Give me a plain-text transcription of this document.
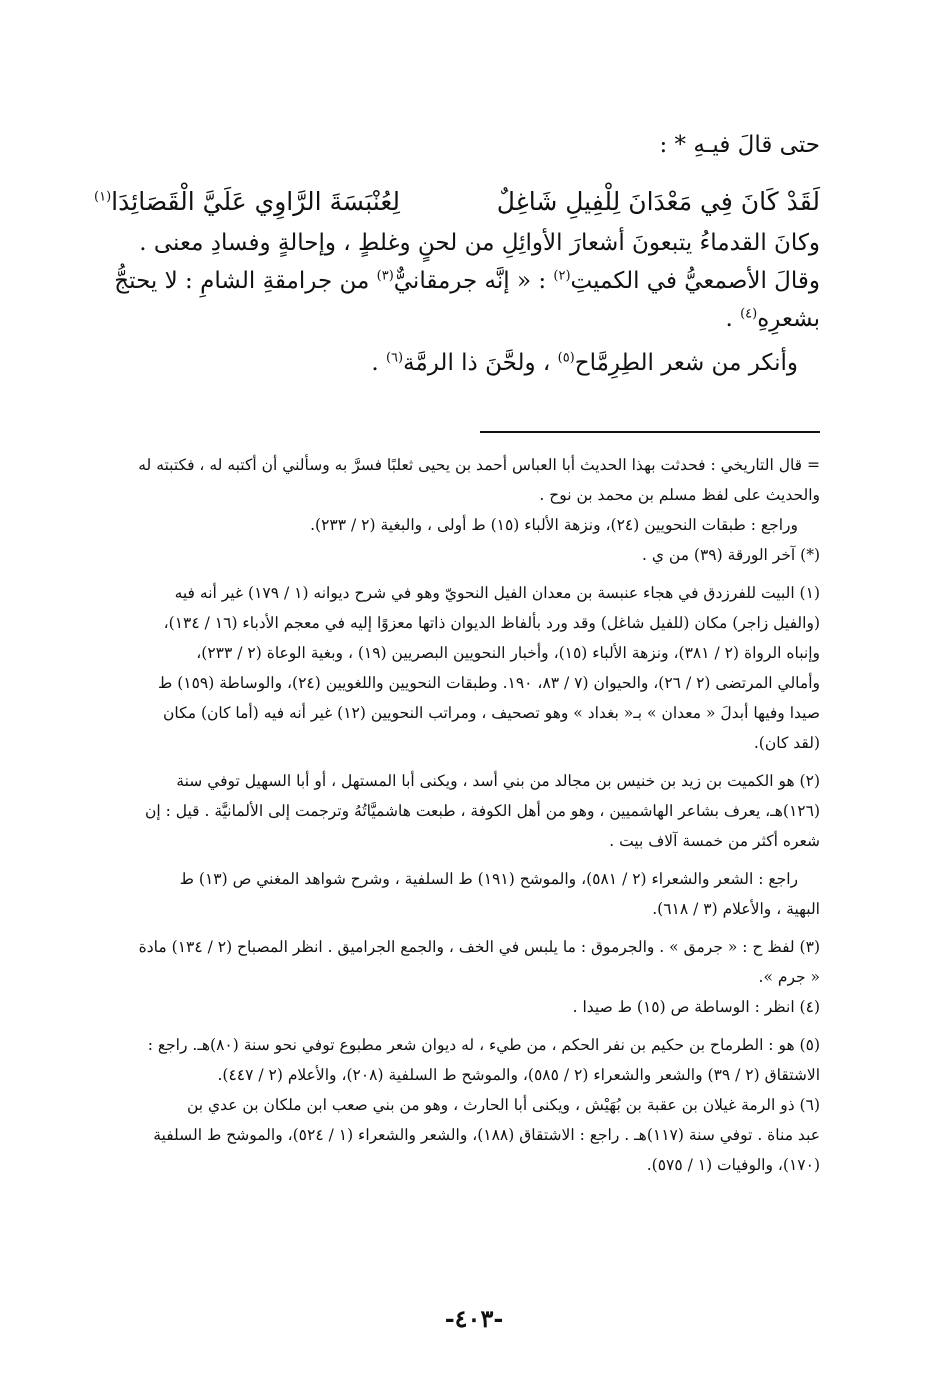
حتى قالَ فيـهِ * :

لَقَدْ كَانَ فِي مَعْدَانَ لِلْفِيلِ شَاغِلٌ
لِعُنْبَسَةَ الرَّاوِي عَلَيَّ الْقَصَائِدَا$^{(١)}$

وكانَ القدماءُ يتبعونَ أشعارَ الأوائِلِ من لحنٍ وغلطٍ ، وإحالةٍ وفسادِ معنى .

وقالَ الأصمعيُّ في الكميتِ$^{(٢)}$ : « إنَّه جرمقانيٌّ$^{(٣)}$ من جرامقةِ الشامِ : لا يحتجُّ

بشعرِهِ$^{(٤)}$ .

وأنكر من شعر الطِرِمَّاح$^{(٥)}$ ، ولحَّنَ ذا الرمَّة$^{(٦)}$ .

= قال التاريخي : فحدثت بهذا الحديث أبا العباس أحمد بن يحيى ثعلبًا فسرَّ به وسألني أن أكتبه له ، فكتبته له
والحديث على لفظ مسلم بن محمد بن نوح .
وراجع : طبقات النحويين (٢٤)، ونزهة الألباء (١٥) ط أولى ، والبغية (٢ / ٢٣٣).
(*) آخر الورقة (٣٩) من ي .
(١) البيت للفرزدق في هجاء عنبسة بن معدان الفيل النحويّ وهو في شرح ديوانه (١ / ١٧٩) غير أنه فيه
(والفيل زاجر) مكان (للفيل شاغل) وقد ورد بألفاظ الديوان ذاتها معزوًا إليه في معجم الأدباء (١٦ / ١٣٤)،
وإنباه الرواة (٢ / ٣٨١)، ونزهة الألباء (١٥)، وأخبار النحويين البصريين (١٩) ، وبغية الوعاة (٢ / ٢٣٣)،
وأمالي المرتضى (٢ / ٢٦)، والحيوان (٧ / ٨٣، ١٩٠. وطبقات النحويين واللغويين (٢٤)، والوساطة (١٥٩) ط
صيدا وفيها أبدلَ « معدان » بـ« بغداد » وهو تصحيف ، ومراتب النحويين (١٢) غير أنه فيه (أما كان) مكان
(لقد كان).
(٢) هو الكميت بن زيد بن خنيس بن مجالد من بني أسد ، ويكنى أبا المستهل ، أو أبا السهيل توفي سنة
(١٢٦)هـ، يعرف بشاعر الهاشميين ، وهو من أهل الكوفة ، طبعت هاشميَّاتُهُ وترجمت إلى الألمانيَّة . قيل : إن
شعره أكثر من خمسة آلاف بيت .
راجع : الشعر والشعراء (٢ / ٥٨١)، والموشح (١٩١) ط السلفية ، وشرح شواهد المغني ص (١٣) ط
البهية ، والأعلام (٣ / ٦١٨).
(٣) لفظ ح : « جرمق » . والجرموق : ما يلبس في الخف ، والجمع الجراميق . انظر المصباح (٢ / ١٣٤) مادة
« جرم ».
(٤) انظر : الوساطة ص (١٥) ط صيدا .
(٥) هو : الطرماح بن حكيم بن نفر الحكم ، من طيء ، له ديوان شعر مطبوع توفي نحو سنة (٨٠)هـ. راجع :
الاشتقاق (٢ / ٣٩) والشعر والشعراء (٢ / ٥٨٥)، والموشح ط السلفية (٢٠٨)، والأعلام (٢ / ٤٤٧).
(٦) ذو الرمة غيلان بن عقبة بن بُهَيْش ، ويكنى أبا الحارث ، وهو من بني صعب ابن ملكان بن عدي بن
عبد مناة . توفي سنة (١١٧)هـ . راجع : الاشتقاق (١٨٨)، والشعر والشعراء (١ / ٥٢٤)، والموشح ط السلفية
(١٧٠)، والوفيات (١ / ٥٧٥).
-٤٠٣-
